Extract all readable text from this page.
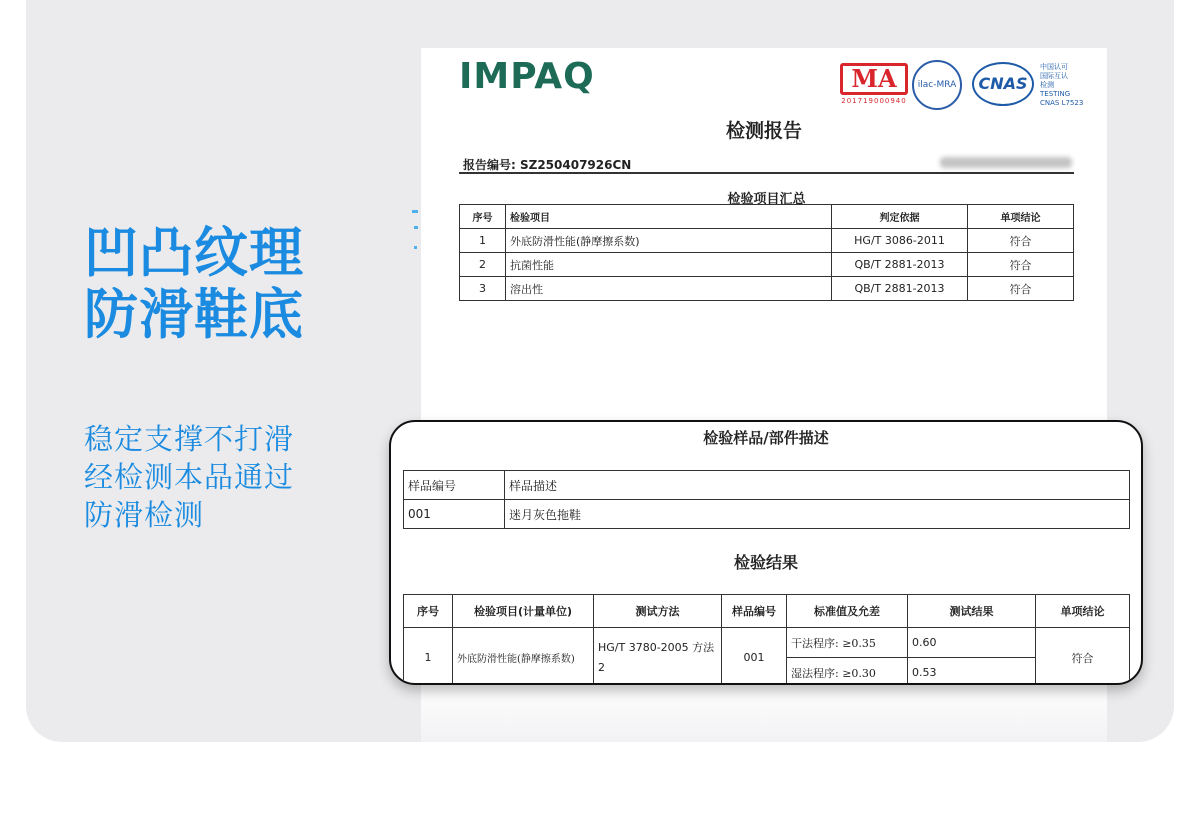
凹凸纹理
防滑鞋底
稳定支撑不打滑
经检测本品通过
防滑检测
IMPAQ	MA
201719000940
ilac-MRA	CNAS
中国认可
国际互认
检测
TESTING
CNAS L7523
检测报告
报告编号: SZ250407926CN
检验项目汇总
序号	检验项目	判定依据	单项结论
1	外底防滑性能(静摩擦系数)	HG/T 3086-2011	符合
2	抗菌性能	QB/T 2881-2013	符合
3	溶出性	QB/T 2881-2013	符合
检验样品/部件描述
样品编号	样品描述
001	迷月灰色拖鞋
检验结果
序号	检验项目(计量单位)	测试方法	样品编号	标准值及允差	测试结果	单项结论
1	外底防滑性能(静摩擦系数)	HG/T 3780-2005 方法 2	001	干法程序: ≥0.35	0.60	符合
				湿法程序: ≥0.30	0.53	
